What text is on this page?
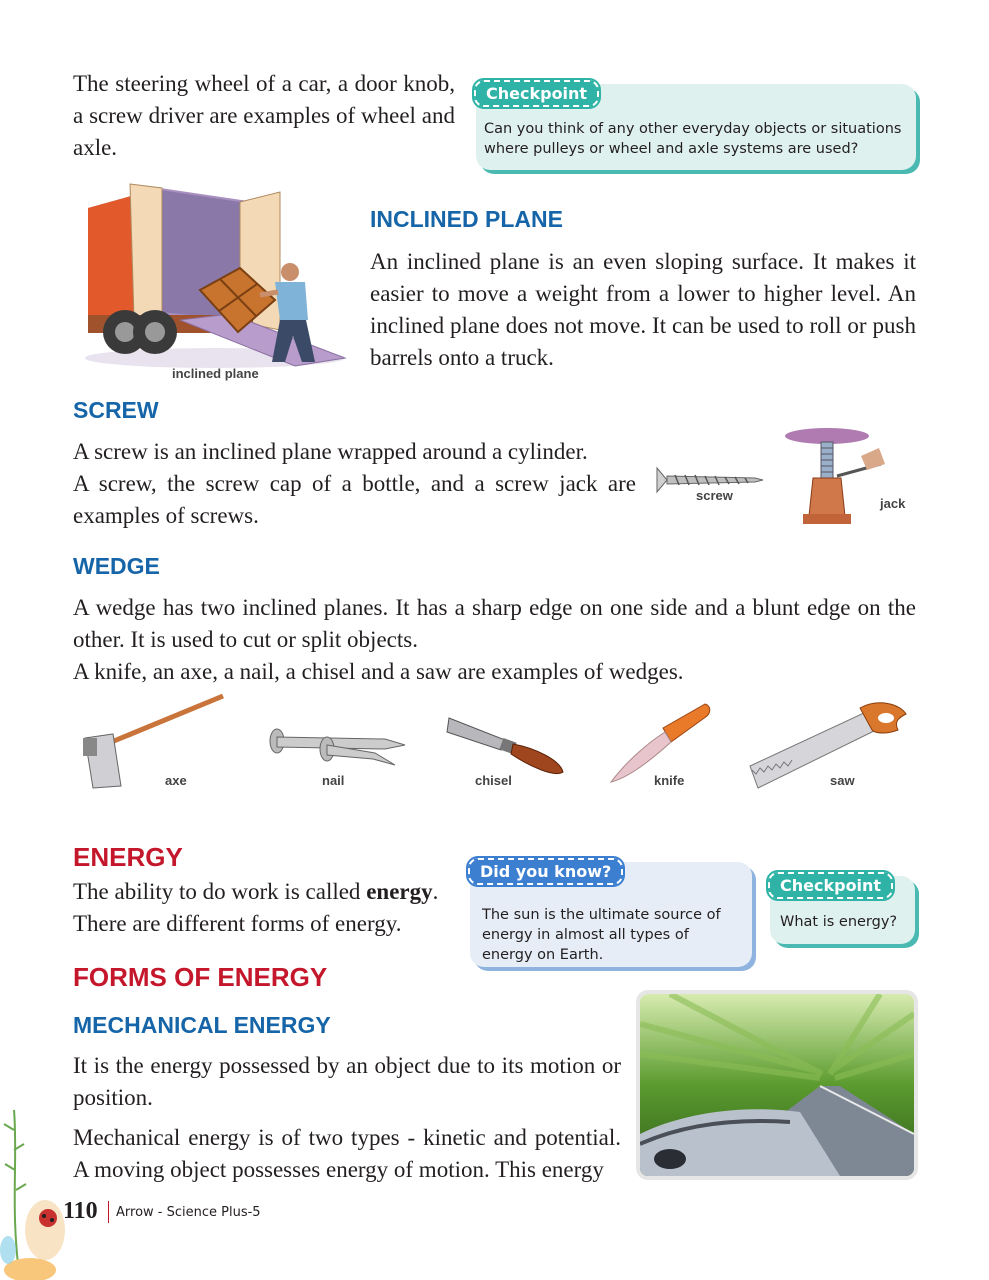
The steering wheel of a car, a door knob, a screw driver are examples of wheel and axle.
Checkpoint
Can you think of any other everyday objects or situations where pulleys or wheel and axle systems are used?
inclined plane
INCLINED PLANE
An inclined plane is an even sloping surface. It makes it easier to move a weight from a lower to higher level. An inclined plane does not move. It can be used to roll or push barrels onto a truck.
SCREW
A screw is an inclined plane wrapped around a cylinder.
A screw, the screw cap of a bottle, and a screw jack are examples of screws.
screw
jack
WEDGE
A wedge has two inclined planes. It has a sharp edge on one side and a blunt edge on the other. It is used to cut or split objects.
A knife, an axe, a nail, a chisel and a saw are examples of wedges.
axe	nail	chisel	knife	saw
ENERGY
The ability to do work is called energy. There are different forms of energy.
Did you know?
The sun is the ultimate source of energy in almost all types of energy on Earth.
Checkpoint
What is energy?
FORMS OF ENERGY
MECHANICAL ENERGY
It is the energy possessed by an object due to its motion or position.
Mechanical energy is of two types - kinetic and potential. A moving object possesses energy of motion. This energy
110 Arrow - Science Plus-5
